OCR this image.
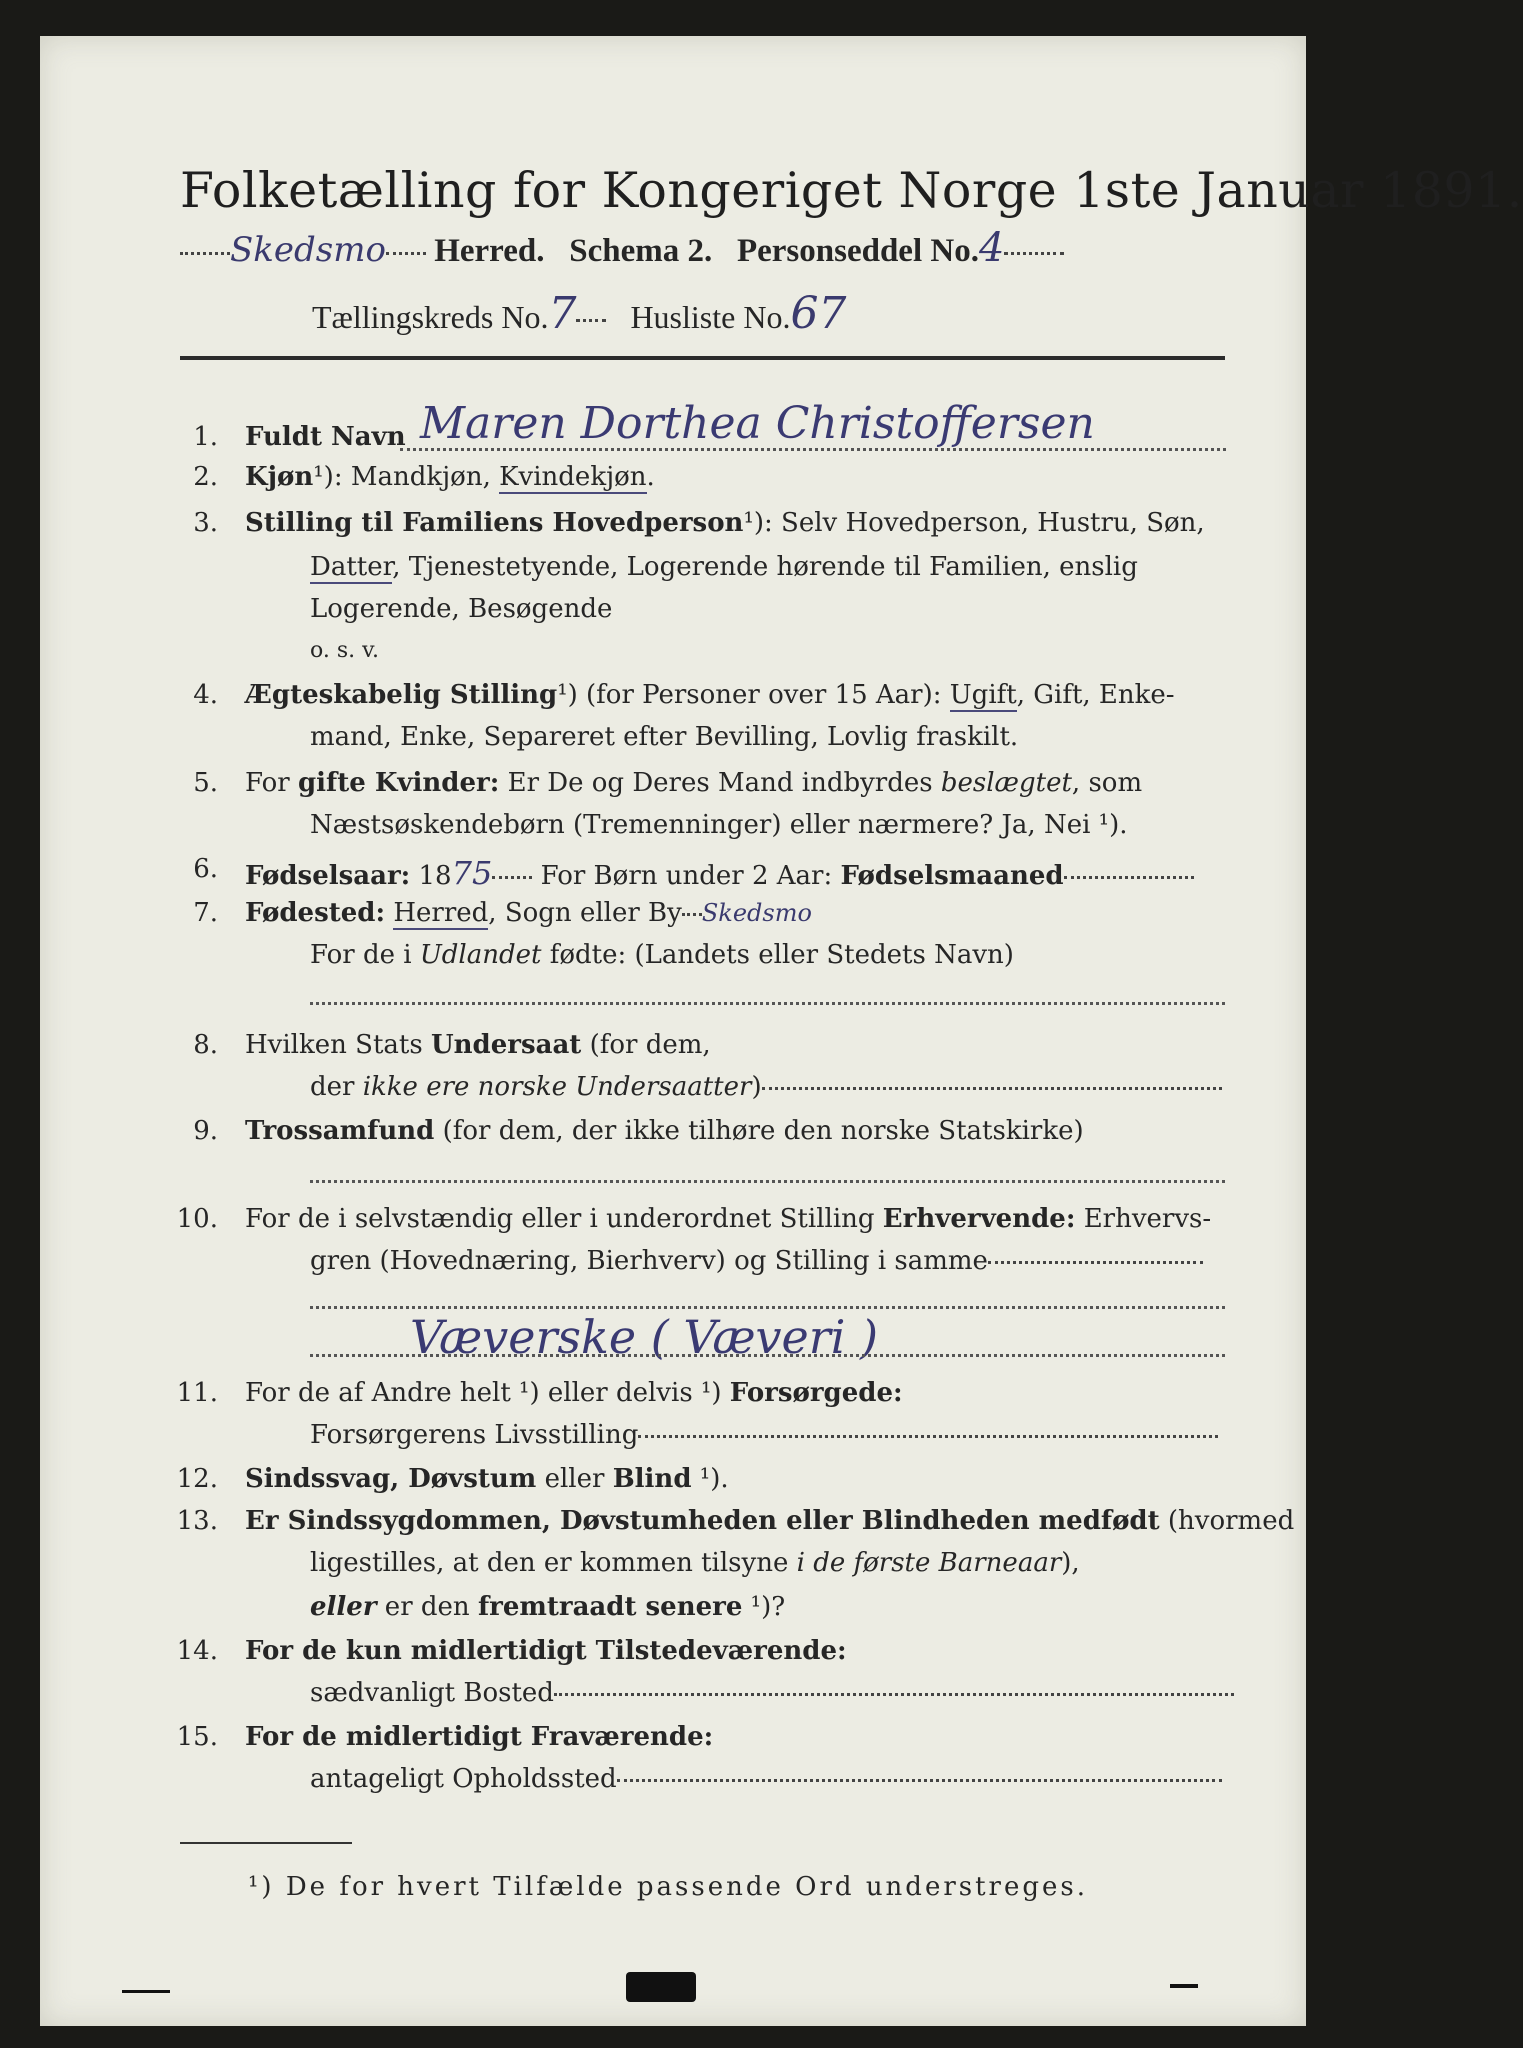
Folketælling for Kongeriget Norge 1ste Januar 1891.
Skedsmo Herred. Schema 2. Personseddel No.4
Tællingskreds No.7 Husliste No.67
1. Fuldt Navn Maren Dorthea Christoffersen
2. Kjøn¹): Mandkjøn, Kvindekjøn.
3. Stilling til Familiens Hovedperson¹): Selv Hovedperson, Hustru, Søn,
Datter, Tjenestetyende, Logerende hørende til Familien, enslig
Logerende, Besøgende
o. s. v.
4. Ægteskabelig Stilling¹) (for Personer over 15 Aar): Ugift, Gift, Enke-
mand, Enke, Separeret efter Bevilling, Lovlig fraskilt.
5. For gifte Kvinder: Er De og Deres Mand indbyrdes beslægtet, som
Næstsøskendebørn (Tremenninger) eller nærmere? Ja, Nei ¹).
6. Fødselsaar: 1875 For Børn under 2 Aar: Fødselsmaaned
7. Fødested: Herred, Sogn eller By Skedsmo
For de i Udlandet fødte: (Landets eller Stedets Navn)
8. Hvilken Stats Undersaat (for dem,
der ikke ere norske Undersaatter)
9. Trossamfund (for dem, der ikke tilhøre den norske Statskirke)
10. For de i selvstændig eller i underordnet Stilling Erhvervende: Erhvervs-
gren (Hovednæring, Bierhverv) og Stilling i samme
Væverske ( Væveri )
11. For de af Andre helt ¹) eller delvis ¹) Forsørgede:
Forsørgerens Livsstilling
12. Sindssvag, Døvstum eller Blind ¹).
13. Er Sindssygdommen, Døvstumheden eller Blindheden medfødt (hvormed
ligestilles, at den er kommen tilsyne i de første Barneaar),
eller er den fremtraadt senere ¹)?
14. For de kun midlertidigt Tilstedeværende:
sædvanligt Bosted
15. For de midlertidigt Fraværende:
antageligt Opholdssted
¹) De for hvert Tilfælde passende Ord understreges.
